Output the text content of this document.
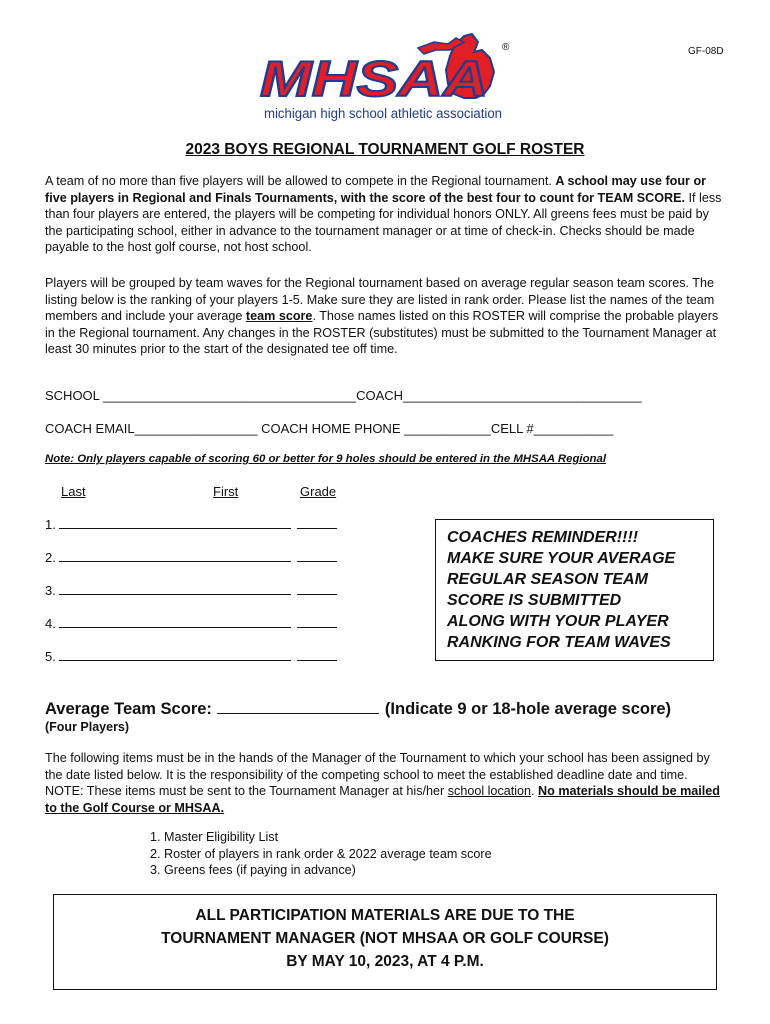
MHSAA
michigan high school athletic association
®	GF-08D
2023 BOYS REGIONAL TOURNAMENT GOLF ROSTER

A team of no more than five players will be allowed to compete in the Regional tournament. A school may use four or five players in Regional and Finals Tournaments, with the score of the best four to count for TEAM SCORE. If less than four players are entered, the players will be competing for individual honors ONLY. All greens fees must be paid by the participating school, either in advance to the tournament manager or at time of check-in. Checks should be made payable to the host golf course, not host school.

Players will be grouped by team waves for the Regional tournament based on average regular season team scores. The listing below is the ranking of your players 1-5. Make sure they are listed in rank order. Please list the names of the team members and include your average team score. Those names listed on this ROSTER will comprise the probable players in the Regional tournament. Any changes in the ROSTER (substitutes) must be submitted to the Tournament Manager at least 30 minutes prior to the start of the designated tee off time.

SCHOOL ___________________________________COACH_________________________________
COACH EMAIL_________________ COACH HOME PHONE ____________CELL #___________
Note: Only players capable of scoring 60 or better for 9 holes should be entered in the MHSAA Regional
Last	First	Grade
1.
2.
3.
4.
5.
COACHES REMINDER!!!!
MAKE SURE YOUR AVERAGE
REGULAR SEASON TEAM
SCORE IS SUBMITTED
ALONG WITH YOUR PLAYER
RANKING FOR TEAM WAVES
Average Team Score:	(Indicate 9 or 18-hole average score)
(Four Players)

The following items must be in the hands of the Manager of the Tournament to which your school has been assigned by the date listed below. It is the responsibility of the competing school to meet the established deadline date and time. NOTE: These items must be sent to the Tournament Manager at his/her school location. No materials should be mailed to the Golf Course or MHSAA.

1. Master Eligibility List
2. Roster of players in rank order & 2022 average team score
3. Greens fees (if paying in advance)
ALL PARTICIPATION MATERIALS ARE DUE TO THE
TOURNAMENT MANAGER (NOT MHSAA OR GOLF COURSE)
BY MAY 10, 2023, AT 4 P.M.
